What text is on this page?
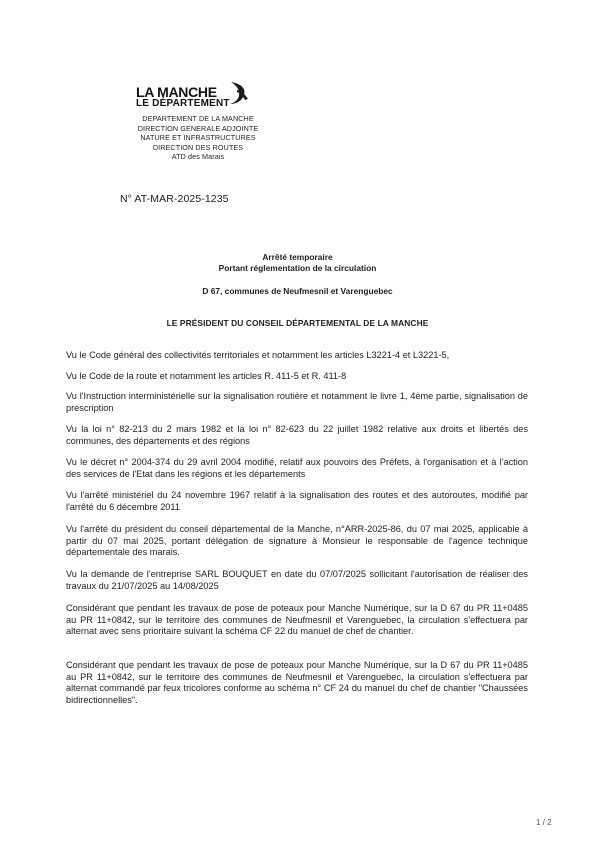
LA MANCHE
LE DÉPARTEMENT
DEPARTEMENT DE LA MANCHE
DIRECTION GENERALE ADJOINTE
NATURE ET INFRASTRUCTURES
DIRECTION DES ROUTES
ATD des Marais
N° AT-MAR-2025-1235
Arrêté temporaire
Portant réglementation de la circulation
D 67, communes de Neufmesnil et Varenguebec
LE PRÉSIDENT DU CONSEIL DÉPARTEMENTAL DE LA MANCHE

Vu le Code général des collectivités territoriales et notamment les articles L3221-4 et L3221-5,

Vu le Code de la route et notamment les articles R. 411-5 et R. 411-8

Vu l'Instruction interministérielle sur la signalisation routière et notamment le livre 1, 4ème partie, signalisation de prescription

Vu la loi n° 82-213 du 2 mars 1982 et la loi n° 82-623 du 22 juillet 1982 relative aux droits et libertés des communes, des départements et des régions

Vu le décret n° 2004-374 du 29 avril 2004 modifié, relatif aux pouvoirs des Préfets, à l'organisation et à l'action des services de l'Etat dans les régions et les départements

Vu l'arrêté ministériel du 24 novembre 1967 relatif à la signalisation des routes et des autoroutes, modifié par l'arrêté du 6 décembre 2011

Vu l'arrêté du président du conseil départemental de la Manche, n°ARR-2025-86, du 07 mai 2025, applicable à partir du 07 mai 2025, portant délégation de signature à Monsieur le responsable de l'agence technique départementale des marais.

Vu la demande de l'entreprise SARL BOUQUET en date du 07/07/2025 sollicitant l'autorisation de réaliser des travaux du 21/07/2025 au 14/08/2025

Considérant que pendant les travaux de pose de poteaux pour Manche Numérique, sur la D 67 du PR 11+0485 au PR 11+0842, sur le territoire des communes de Neufmesnil et Varenguebec, la circulation s'effectuera par alternat avec sens prioritaire suivant la schéma CF 22 du manuel de chef de chantier.

Considérant que pendant les travaux de pose de poteaux pour Manche Numérique, sur la D 67 du PR 11+0485 au PR 11+0842, sur le territoire des communes de Neufmesnil et Varenguebec, la circulation s'effectuera par alternat commandé par feux tricolores conforme au schéma n° CF 24 du manuel du chef de chantier "Chaussées bidirectionnelles".

1 / 2
